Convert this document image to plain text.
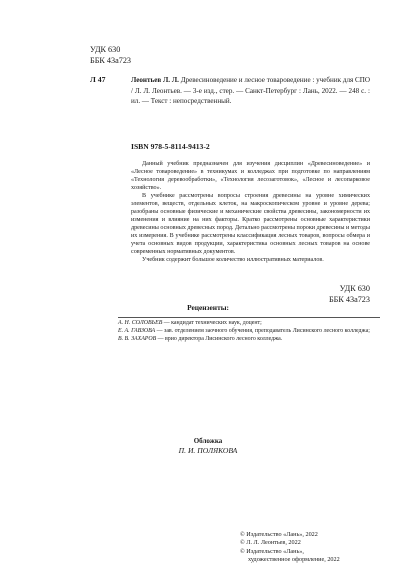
УДК 630
ББК 43а723
Л 47	Леонтьев Л. Л. Древесиноведение и лесное товароведение : учебник для СПО / Л. Л. Леонтьев. — 3-е изд., стер. — Санкт-Петербург : Лань, 2022. — 248 с. : ил. — Текст : непосредственный.
ISBN 978-5-8114-9413-2

Данный учебник предназначен для изучения дисциплин «Древесиноведение» и «Лесное товароведение» в техникумах и колледжах при подготовке по направлениям «Технология деревообработки», «Технология лесозаготовок», «Лесное и лесопарковое хозяйство».

В учебнике рассмотрены вопросы строения древесины на уровне химических элементов, веществ, отдельных клеток, на макроскопическом уровне и уровне дерева; разобраны основные физические и механические свойства древесины, закономерности их изменения и влияние на них факторы. Кратко рассмотрены основные характеристики древесины основных древесных пород. Детально рассмотрены пороки древесины и методы их измерения. В учебнике рассмотрены классификация лесных товаров, вопросы обмера и учета основных видов продукции, характеристика основных лесных товаров на основе современных нормативных документов.

Учебник содержит большое количество иллюстративных материалов.

УДК 630
ББК 43а723
Рецензенты:
А. Н. СОЛОВЬЕВ — кандидат технических наук, доцент;
Е. А. ГАВЗОВА — зав. отделением заочного обучения, преподаватель Лисинского лесного колледжа;
В. В. ЗАХАРОВ — врио директора Лисинского лесного колледжа.
Обложка
П. И. ПОЛЯКОВА
© Издательство «Лань», 2022
© Л. Л. Леонтьев, 2022
© Издательство «Лань»,
художественное оформление, 2022
